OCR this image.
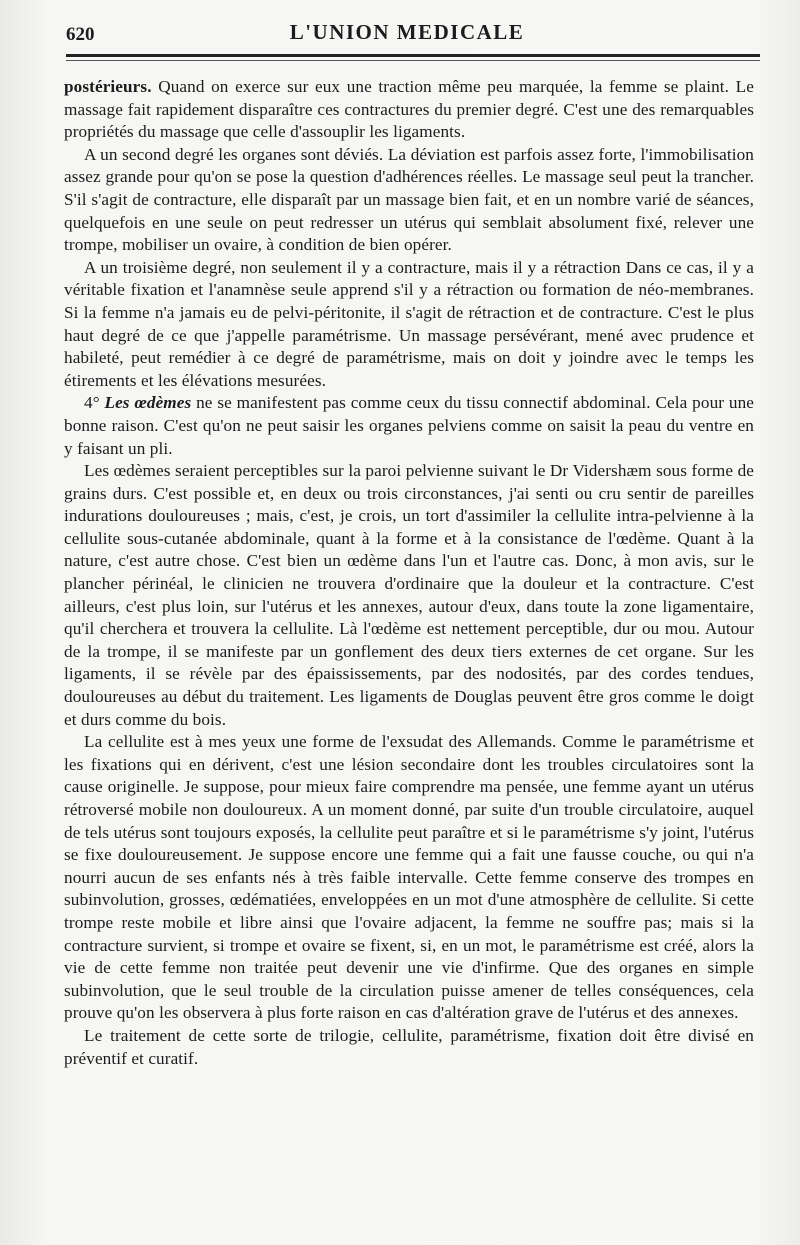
620	L'UNION MEDICALE

postérieurs. Quand on exerce sur eux une traction même peu marquée, la femme se plaint. Le massage fait rapidement disparaître ces contractures du premier degré. C'est une des remarquables propriétés du massage que celle d'assouplir les ligaments.

A un second degré les organes sont déviés. La déviation est parfois assez forte, l'immobilisation assez grande pour qu'on se pose la question d'adhérences réelles. Le massage seul peut la trancher. S'il s'agit de contracture, elle disparaît par un massage bien fait, et en un nombre varié de séances, quelquefois en une seule on peut redresser un utérus qui semblait absolument fixé, relever une trompe, mobiliser un ovaire, à condition de bien opérer.

A un troisième degré, non seulement il y a contracture, mais il y a rétraction Dans ce cas, il y a véritable fixation et l'anamnèse seule apprend s'il y a rétraction ou formation de néo-membranes. Si la femme n'a jamais eu de pelvi-péritonite, il s'agit de rétraction et de contracture. C'est le plus haut degré de ce que j'appelle paramétrisme. Un massage persévérant, mené avec prudence et habileté, peut remédier à ce degré de paramétrisme, mais on doit y joindre avec le temps les étirements et les élévations mesurées.

4° Les œdèmes ne se manifestent pas comme ceux du tissu connectif abdominal. Cela pour une bonne raison. C'est qu'on ne peut saisir les organes pelviens comme on saisit la peau du ventre en y faisant un pli.

Les œdèmes seraient perceptibles sur la paroi pelvienne suivant le Dr Vidershæm sous forme de grains durs. C'est possible et, en deux ou trois circonstances, j'ai senti ou cru sentir de pareilles indurations douloureuses ; mais, c'est, je crois, un tort d'assimiler la cellulite intra-pelvienne à la cellulite sous-cutanée abdominale, quant à la forme et à la consistance de l'œdème. Quant à la nature, c'est autre chose. C'est bien un œdème dans l'un et l'autre cas. Donc, à mon avis, sur le plancher périnéal, le clinicien ne trouvera d'ordinaire que la douleur et la contracture. C'est ailleurs, c'est plus loin, sur l'utérus et les annexes, autour d'eux, dans toute la zone ligamentaire, qu'il cherchera et trouvera la cellulite. Là l'œdème est nettement perceptible, dur ou mou. Autour de la trompe, il se manifeste par un gonflement des deux tiers externes de cet organe. Sur les ligaments, il se révèle par des épaississements, par des nodosités, par des cordes tendues, douloureuses au début du traitement. Les ligaments de Douglas peuvent être gros comme le doigt et durs comme du bois.

La cellulite est à mes yeux une forme de l'exsudat des Allemands. Comme le paramétrisme et les fixations qui en dérivent, c'est une lésion secondaire dont les troubles circulatoires sont la cause originelle. Je suppose, pour mieux faire comprendre ma pensée, une femme ayant un utérus rétroversé mobile non douloureux. A un moment donné, par suite d'un trouble circulatoire, auquel de tels utérus sont toujours exposés, la cellulite peut paraître et si le paramétrisme s'y joint, l'utérus se fixe douloureusement. Je suppose encore une femme qui a fait une fausse couche, ou qui n'a nourri aucun de ses enfants nés à très faible intervalle. Cette femme conserve des trompes en subinvolution, grosses, œdématiées, enveloppées en un mot d'une atmosphère de cellulite. Si cette trompe reste mobile et libre ainsi que l'ovaire adjacent, la femme ne souffre pas; mais si la contracture survient, si trompe et ovaire se fixent, si, en un mot, le paramétrisme est créé, alors la vie de cette femme non traitée peut devenir une vie d'infirme. Que des organes en simple subinvolution, que le seul trouble de la circulation puisse amener de telles conséquences, cela prouve qu'on les observera à plus forte raison en cas d'altération grave de l'utérus et des annexes.

Le traitement de cette sorte de trilogie, cellulite, paramétrisme, fixation doit être divisé en préventif et curatif.
